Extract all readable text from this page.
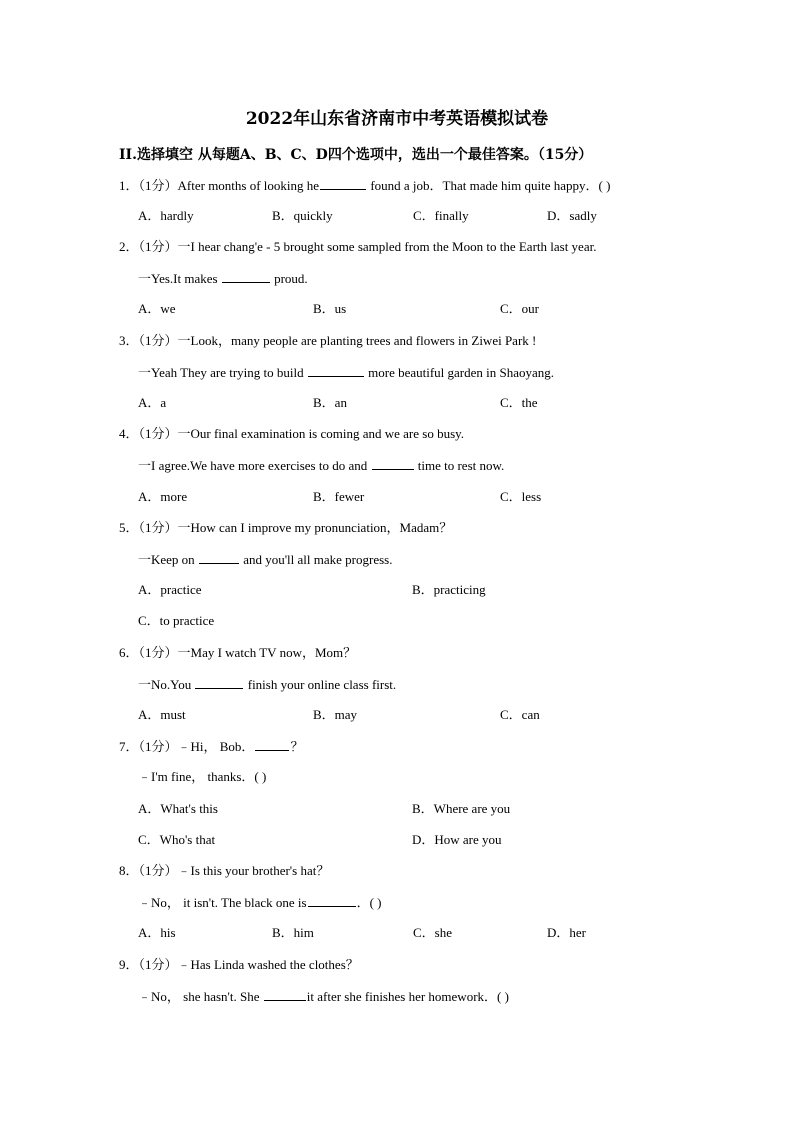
2022年山东省济南市中考英语模拟试卷
II.选择填空 从每题A、B、C、D四个选项中，选出一个最佳答案。（15分）
1．（1分）After months of looking he	found a job．That made him quite happy．( )
A．hardly	B．quickly	C．finally	D．sadly
2．（1分）一I hear chang'e - 5 brought some sampled from the Moon to the Earth last year.
一Yes.It makes	proud.
A．we	B．us	C．our
3．（1分）一Look，many people are planting trees and flowers in Ziwei Park !
一Yeah They are trying to build	more beautiful garden in Shaoyang.
A．a	B．an	C．the
4．（1分）一Our final examination is coming and we are so busy.
一I agree.We have more exercises to do and	time to rest now.
A．more	B．fewer	C．less
5．（1分）一How can I improve my pronunciation，Madam？
一Keep on	and you'll all make progress.
A．practice	B．practicing
C．to practice
6．（1分）一May I watch TV now，Mom？
一No.You	finish your online class first.
A．must	B．may	C．can
7．（1分）﹣Hi， Bob．	？
﹣I'm fine， thanks．( )
A．What's this	B．Where are you
C．Who's that	D．How are you
8．（1分）﹣Is this your brother's hat？
﹣No， it isn't. The black one is	．( )
A．his	B．him	C．she	D．her
9．（1分）﹣Has Linda washed the clothes？
﹣No， she hasn't. She	it after she finishes her homework．( )
